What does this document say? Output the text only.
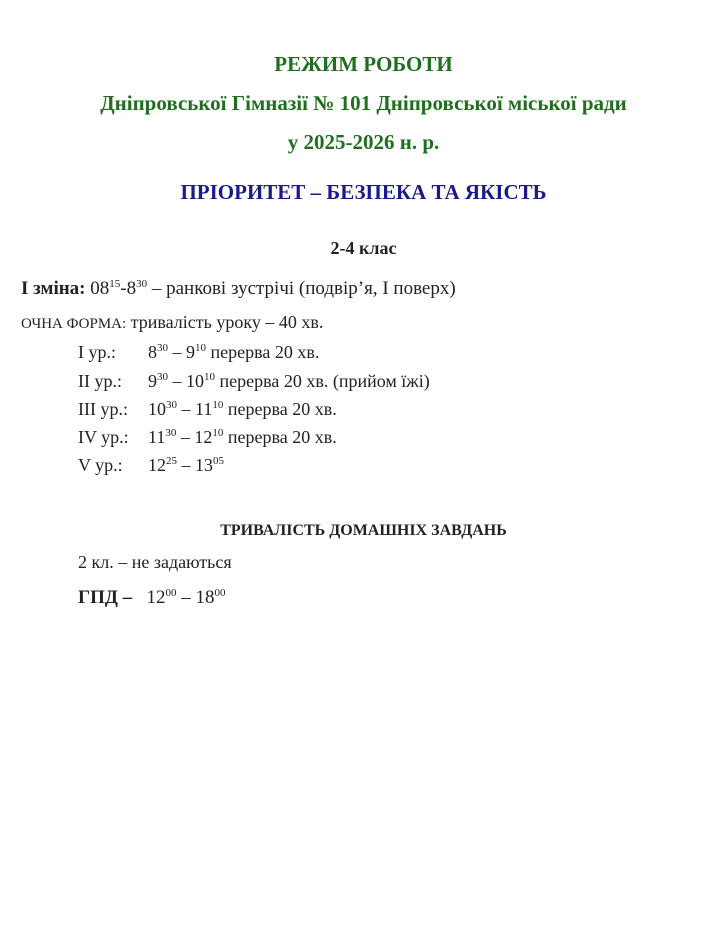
РЕЖИМ РОБОТИ
Дніпровської Гімназії № 101 Дніпровської міської ради
у 2025-2026 н. р.
ПРІОРИТЕТ – БЕЗПЕКА ТА ЯКІСТЬ
2-4 клас
І зміна: $08^{15}-8^{30}$ – ранкові зустрічі (подвір’я, І поверх)
ОЧНА ФОРМА: тривалість уроку – 40 хв.
І ур.: $8^{30} - 9^{10}$ перерва 20 хв.
ІІ ур.: $9^{30} - 10^{10}$ перерва 20 хв. (прийом їжі)
ІІІ ур.: $10^{30} - 11^{10}$ перерва 20 хв.
IV ур.: $11^{30} - 12^{10}$ перерва 20 хв.
V ур.: $12^{25} - 13^{05}$
ТРИВАЛІСТЬ ДОМАШНІХ ЗАВДАНЬ
2 кл. – не задаються
ГПД – $12^{00} - 18^{00}$
